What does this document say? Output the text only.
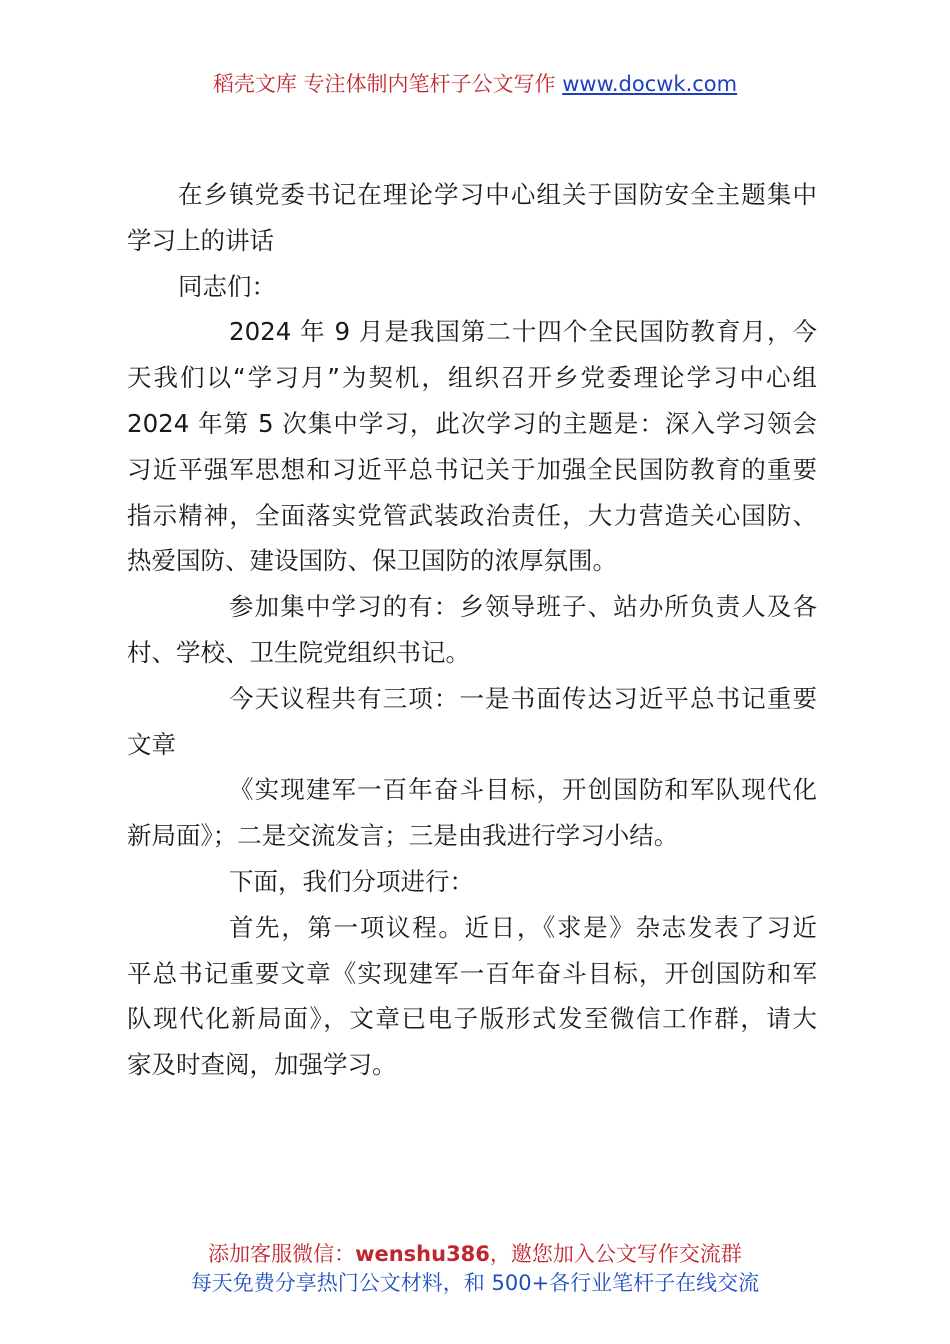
稻壳文库 专注体制内笔杆子公文写作 www.docwk.com
在乡镇党委书记在理论学习中心组关于国防安全主题集中
学习上的讲话
同志们：
2024 年 9 月是我国第二十四个全民国防教育月，今
天我们以“学习月”为契机，组织召开乡党委理论学习中心组
2024 年第 5 次集中学习，此次学习的主题是：深入学习领会
习近平强军思想和习近平总书记关于加强全民国防教育的重要
指示精神，全面落实党管武装政治责任，大力营造关心国防、
热爱国防、建设国防、保卫国防的浓厚氛围。
参加集中学习的有：乡领导班子、站办所负责人及各
村、学校、卫生院党组织书记。
今天议程共有三项：一是书面传达习近平总书记重要
文章
《实现建军一百年奋斗目标，开创国防和军队现代化
新局面》；二是交流发言；三是由我进行学习小结。
下面，我们分项进行：
首先，第一项议程。近日，《求是》杂志发表了习近
平总书记重要文章《实现建军一百年奋斗目标，开创国防和军
队现代化新局面》，文章已电子版形式发至微信工作群，请大
家及时查阅，加强学习。
添加客服微信：wenshu386，邀您加入公文写作交流群
每天免费分享热门公文材料，和 500+各行业笔杆子在线交流
